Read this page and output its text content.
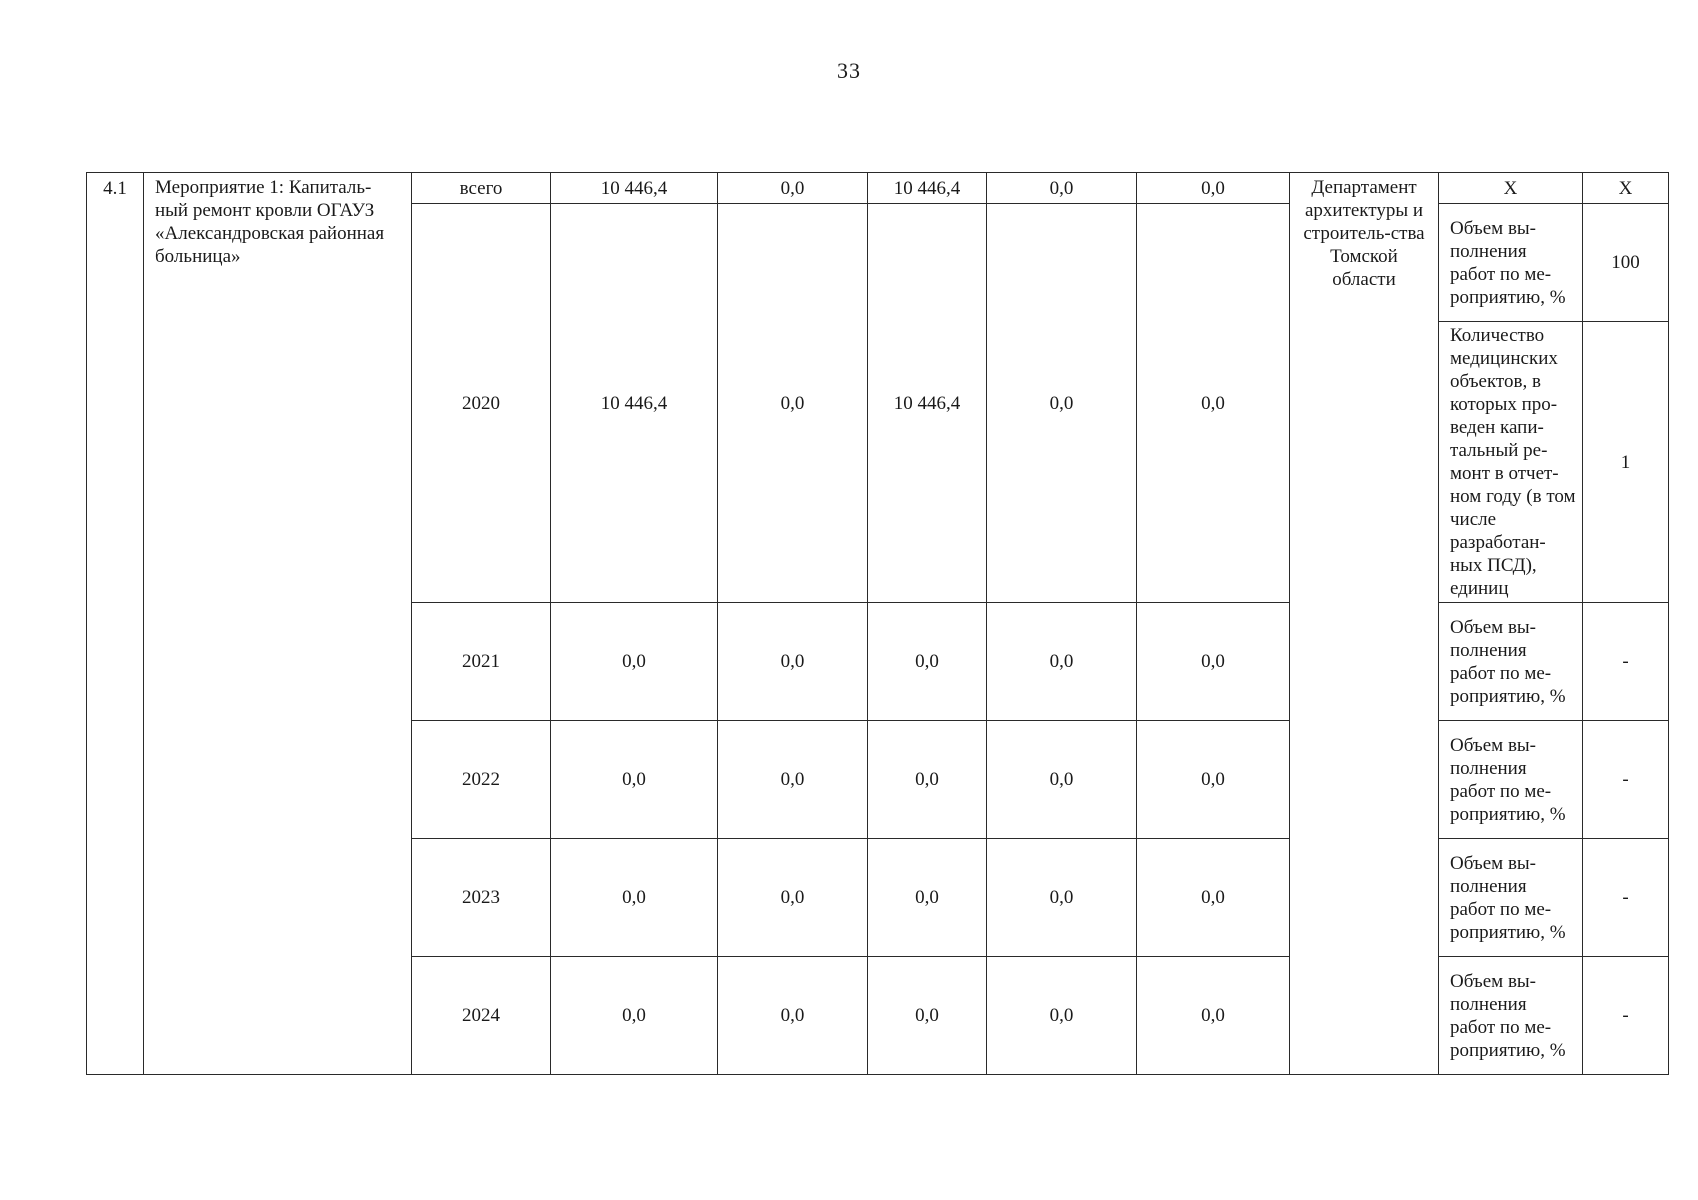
33
4.1	Мероприятие 1: Капиталь-ный ремонт кровли ОГАУЗ «Александровская районная больница»	всего	10 446,4	0,0	10 446,4	0,0	0,0	Департамент архитектуры и строитель-ства Томской области	Х	Х
		2020	10 446,4	0,0	10 446,4	0,0	0,0		Объем вы-полнения работ по ме-роприятию, %	100
									Количество медицинских объектов, в которых про-веден капи-тальный ре-монт в отчет-ном году (в том числе разработан-ных ПСД), единиц	1
		2021	0,0	0,0	0,0	0,0	0,0		Объем вы-полнения работ по ме-роприятию, %	-
		2022	0,0	0,0	0,0	0,0	0,0		Объем вы-полнения работ по ме-роприятию, %	-
		2023	0,0	0,0	0,0	0,0	0,0		Объем вы-полнения работ по ме-роприятию, %	-
		2024	0,0	0,0	0,0	0,0	0,0		Объем вы-полнения работ по ме-роприятию, %	-
